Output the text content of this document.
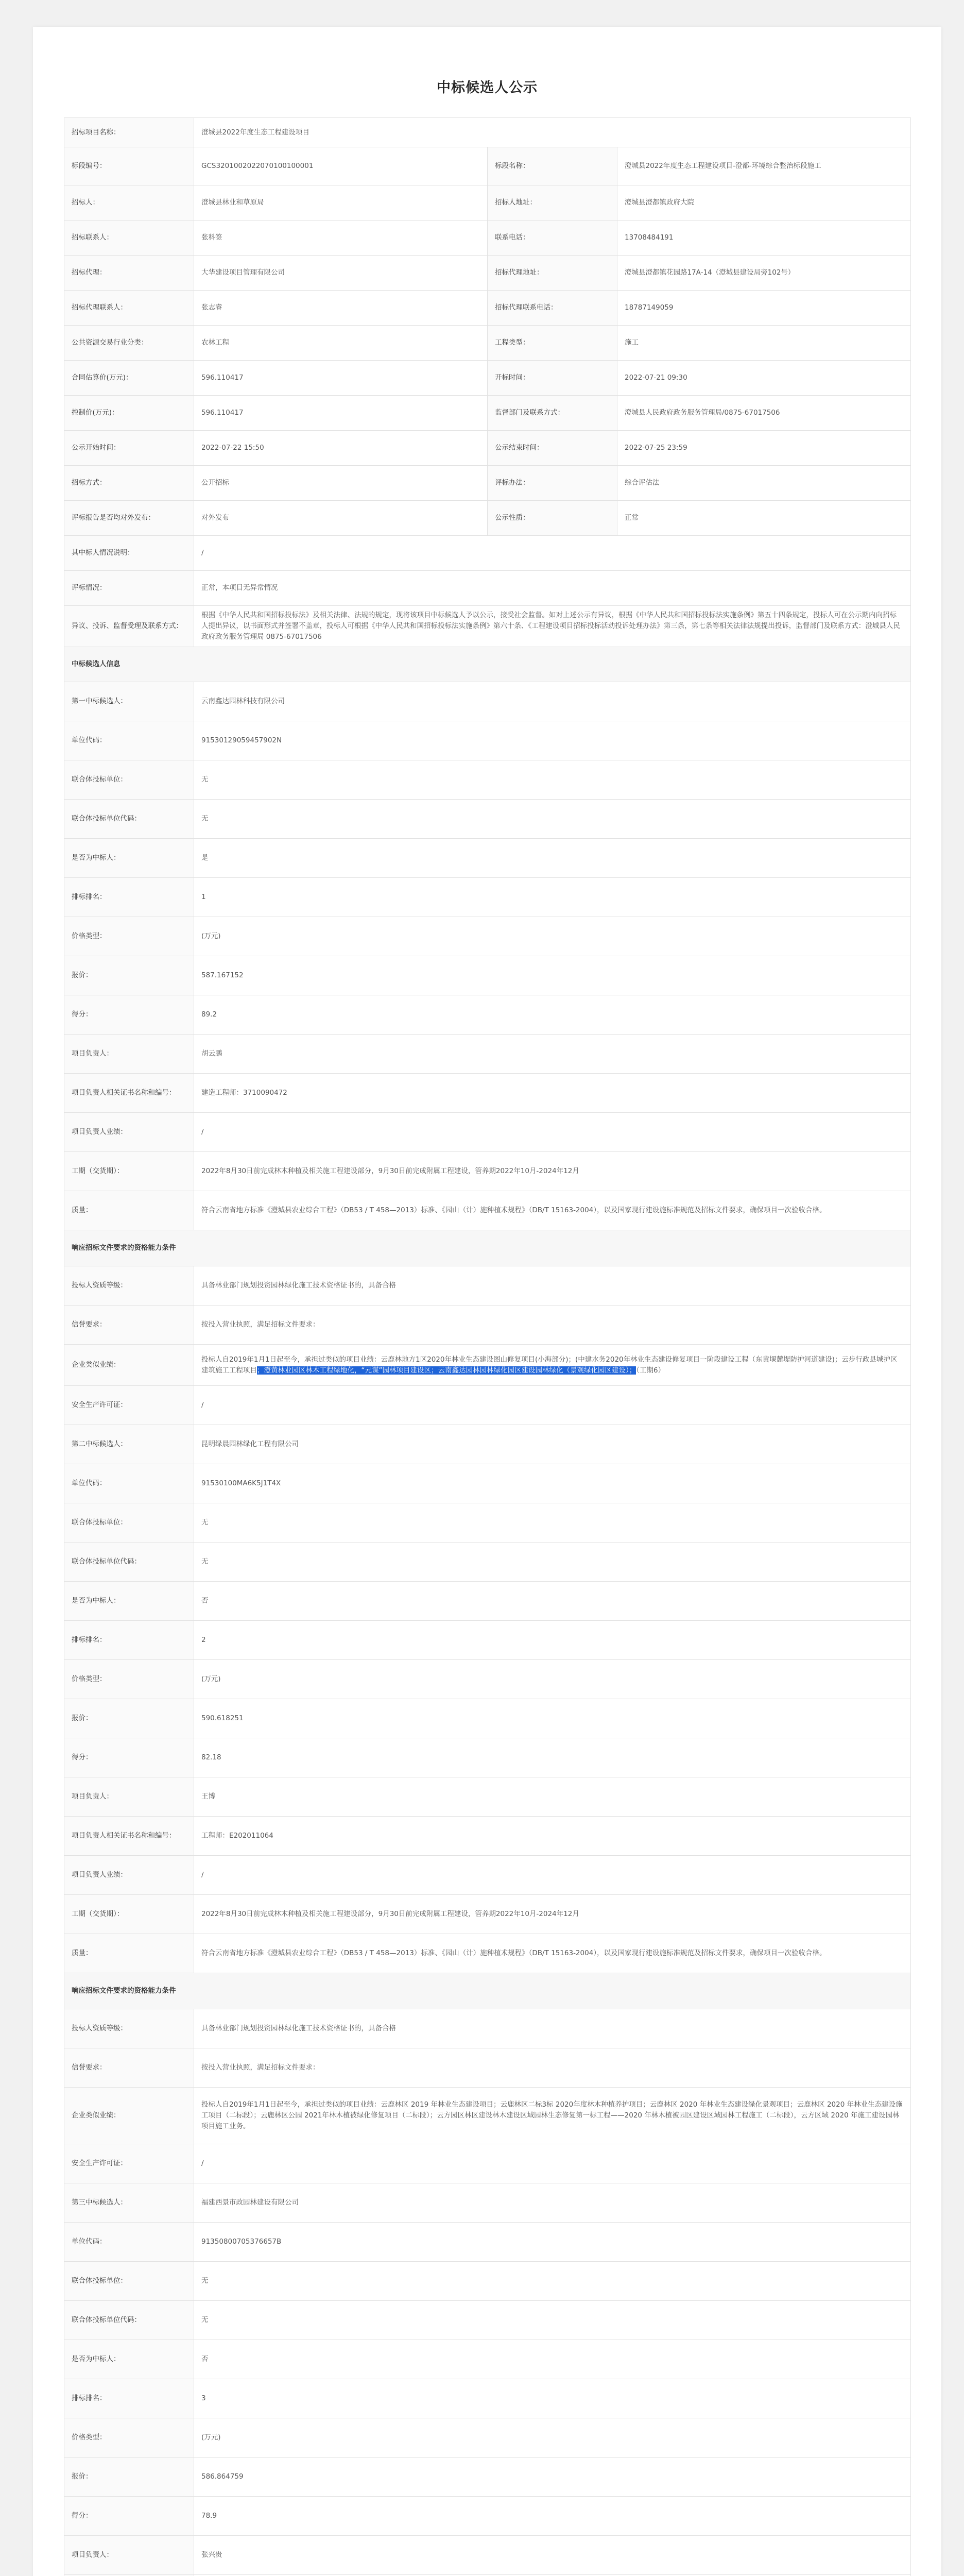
中标候选人公示
招标项目名称：	澄城县2022年度生态工程建设项目		
标段编号：	GCS3201002022070100100001	标段名称：	澄城县2022年度生态工程建设项目-澄都-环境综合整治标段施工
招标人：	澄城县林业和草原局	招标人地址：	澄城县澄都镇政府大院
招标联系人：	张科签	联系电话：	13708484191
招标代理：	大华建设项目管理有限公司	招标代理地址：	澄城县澄都镇花园路17A-14（澄城县建设局旁102号）
招标代理联系人：	张志睿	招标代理联系电话：	18787149059
公共资源交易行业分类：	农林工程	工程类型：	施工
合同估算价(万元)：	596.110417	开标时间：	2022-07-21 09:30
控制价(万元)：	596.110417	监督部门及联系方式：	澄城县人民政府政务服务管理局/0875-67017506
公示开始时间：	2022-07-22 15:50	公示结束时间：	2022-07-25 23:59
招标方式：	公开招标	评标办法：	综合评估法
评标报告是否均对外发布：	对外发布	公示性质：	正常
其中标人情况说明：	/		
评标情况：	正常，本项目无异常情况		
异议、投诉、监督受理及联系方式：	根据《中华人民共和国招标投标法》及相关法律、法规的规定，现将该项目中标候选人予以公示，接受社会监督。如对上述公示有异议，根据《中华人民共和国招标投标法实施条例》第五十四条规定，投标人可在公示期内向招标人提出异议，以书面形式并签署不盖章，投标人可根据《中华人民共和国招标投标法实施条例》第六十条、《工程建设项目招标投标活动投诉处理办法》第三条，第七条等相关法律法规提出投诉，监督部门及联系方式：澄城县人民政府政务服务管理局 0875-67017506		
中标候选人信息			
第一中标候选人：	云南鑫达园林科技有限公司		
单位代码：	91530129059457902N		
联合体投标单位：	无		
联合体投标单位代码：	无		
是否为中标人：	是		
排标排名：	1		
价格类型：	(万元)		
报价：	587.167152		
得分：	89.2		
项目负责人：	胡云鹏		
项目负责人相关证书名称和编号：	建造工程师：3710090472		
项目负责人业绩：	/		
工期（交货期）：	2022年8月30日前完成林木种植及相关施工程建设部分，9月30日前完成附属工程建设，管养期2022年10月-2024年12月		
质量：	符合云南省地方标准《澄城县农业综合工程》（DB53 / T 458—2013）标准、《园山（计）施种植术规程》（DB/T 15163-2004），以及国家现行建设施标准规范及招标文件要求，确保项目一次验收合格。		
响应招标文件要求的资格能力条件			
投标人资质等级：	具备林业部门规划投资园林绿化施工技术资格证书的，具备合格		
信誉要求：	按投入营业执照，满足招标文件要求：		
企业类似业绩：	投标人自2019年1月1日起至今，承担过类似的项目业绩：云鹿林地方1区2020年林业生态建设图山修复项目(小海部分)；(中建水务2020年林业生态建设修复项目一阶段建设工程（东黄堰麓堤防护河道建设)；云步行政县城护区建筑施工工程项目；澄黄林业园区林木工程绿地化，“元谋”园林项目建设区；云南鑫达园林园林绿化园区建设园林绿化（景观绿化园区建设）；（工期6）		
安全生产许可证：	/		
第二中标候选人：	昆明绿晨园林绿化工程有限公司		
单位代码：	91530100MA6K5J1T4X		
联合体投标单位：	无		
联合体投标单位代码：	无		
是否为中标人：	否		
排标排名：	2		
价格类型：	(万元)		
报价：	590.618251		
得分：	82.18		
项目负责人：	王博		
项目负责人相关证书名称和编号：	工程师：E202011064		
项目负责人业绩：	/		
工期（交货期）：	2022年8月30日前完成林木种植及相关施工程建设部分，9月30日前完成附属工程建设，管养期2022年10月-2024年12月		
质量：	符合云南省地方标准《澄城县农业综合工程》（DB53 / T 458—2013）标准、《园山（计）施种植术规程》（DB/T 15163-2004），以及国家现行建设施标准规范及招标文件要求，确保项目一次验收合格。		
响应招标文件要求的资格能力条件			
投标人资质等级：	具备林业部门规划投资园林绿化施工技术资格证书的，具备合格		
信誉要求：	按投入营业执照，满足招标文件要求：		
企业类似业绩：	投标人自2019年1月1日起至今，承担过类似的项目业绩：云鹿林区 2019 年林业生态建设项目；云鹿林区二标3标 2020年度林木种植养护项目；云鹿林区 2020 年林业生态建设绿化景观项目；云鹿林区 2020 年林业生态建设施工项目（二标段）；云鹿林区公园 2021年林木植被绿化修复项目（二标段）；云方园区林区建设林木建设区域园林生态修复第一标工程——2020 年林木植被园区建设区域园林工程施工（二标段），云方区域 2020 年施工建设园林项目施工业务。		
安全生产许可证：	/		
第三中标候选人：	福建西景市政园林建设有限公司		
单位代码：	91350800705376657B		
联合体投标单位：	无		
联合体投标单位代码：	无		
是否为中标人：	否		
排标排名：	3		
价格类型：	(万元)		
报价：	586.864759		
得分：	78.9		
项目负责人：	张兴贵		
